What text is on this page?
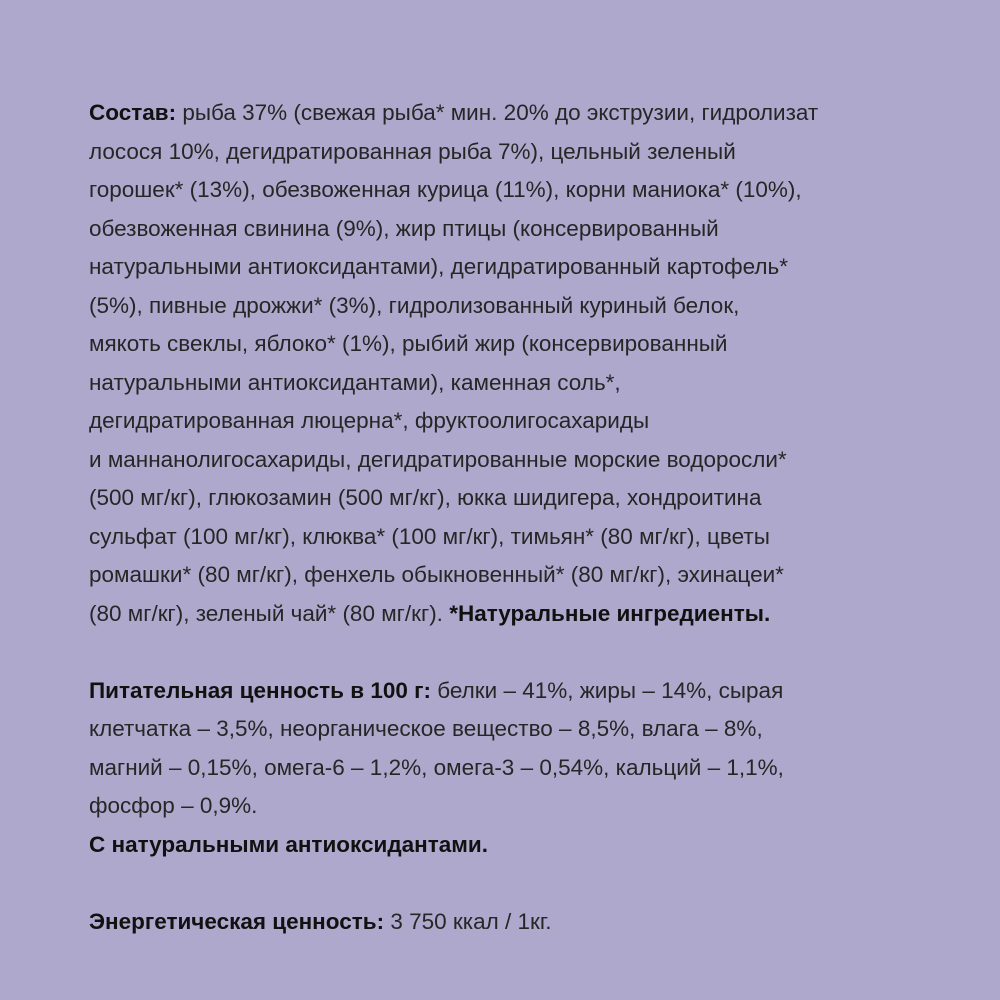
Состав: рыба 37% (свежая рыба* мин. 20% до экструзии, гидролизат
лосося 10%, дегидратированная рыба 7%), цельный зеленый
горошек* (13%), обезвоженная курица (11%), корни маниока* (10%),
обезвоженная свинина (9%), жир птицы (консервированный
натуральными антиоксидантами), дегидратированный картофель*
(5%), пивные дрожжи* (3%), гидролизованный куриный белок,
мякоть свеклы, яблоко* (1%), рыбий жир (консервированный
натуральными антиоксидантами), каменная соль*,
дегидратированная люцерна*, фруктоолигосахариды
и маннанолигосахариды, дегидратированные морские водоросли*
(500 мг/кг), глюкозамин (500 мг/кг), юкка шидигера, хондроитина
сульфат (100 мг/кг), клюква* (100 мг/кг), тимьян* (80 мг/кг), цветы
ромашки* (80 мг/кг), фенхель обыкновенный* (80 мг/кг), эхинацеи*
(80 мг/кг), зеленый чай* (80 мг/кг). *Натуральные ингредиенты.
Питательная ценность в 100 г: белки – 41%, жиры – 14%, сырая
клетчатка – 3,5%, неорганическое вещество – 8,5%, влага – 8%,
магний – 0,15%, омега-6 – 1,2%, омега-3 – 0,54%, кальций – 1,1%,
фосфор – 0,9%.
С натуральными антиоксидантами.
Энергетическая ценность: 3 750 ккал / 1кг.
